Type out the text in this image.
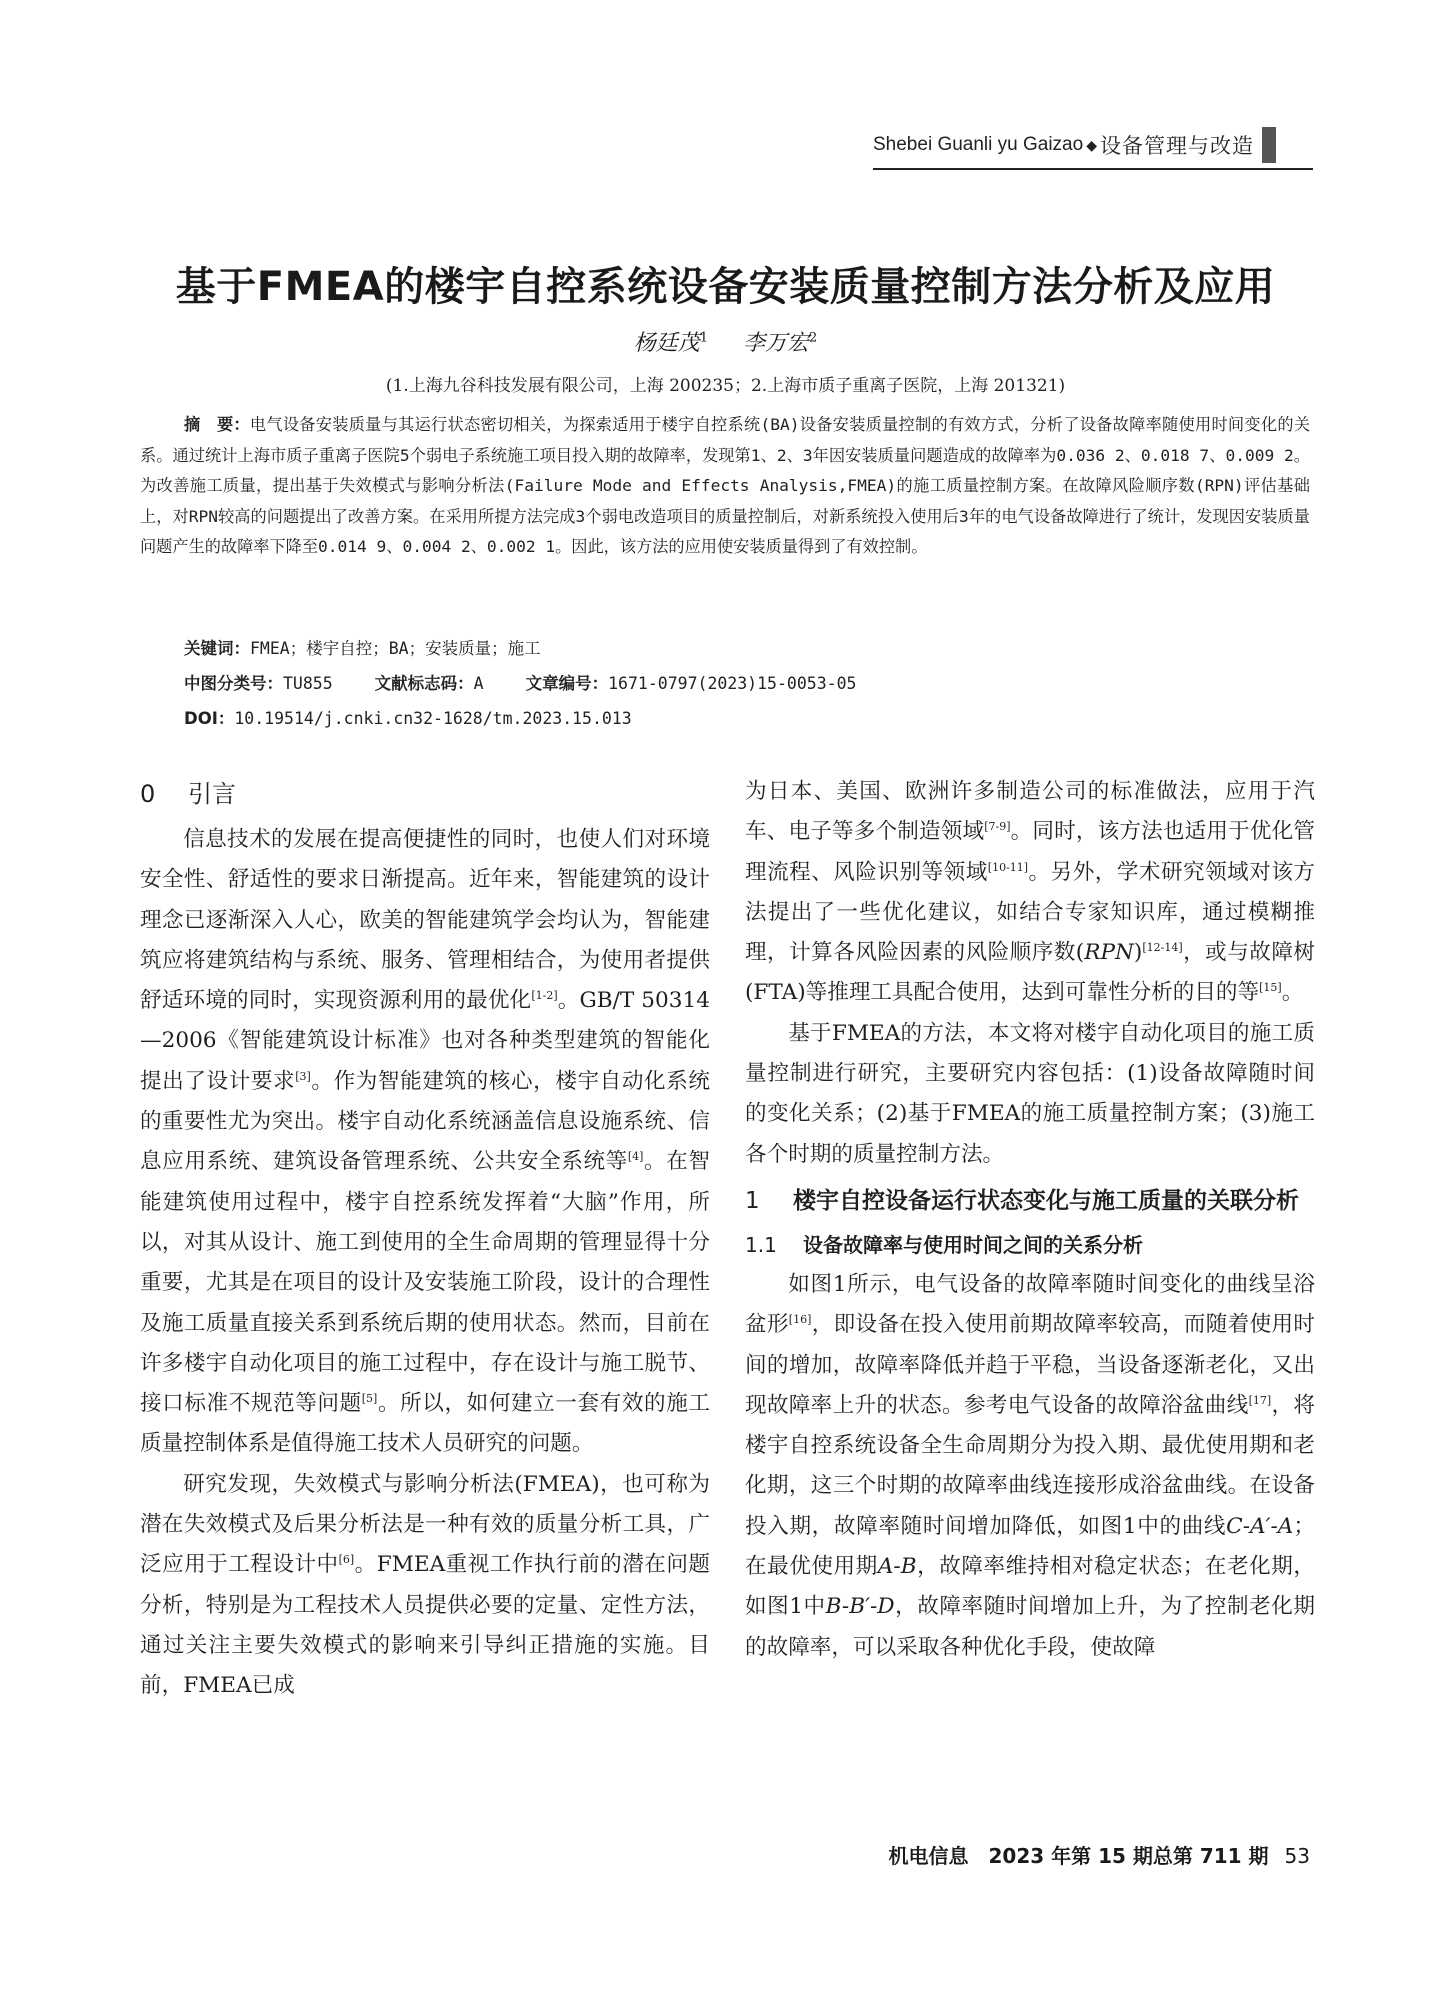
Shebei Guanli yu Gaizao ◆ 设备管理与改造
基于FMEA的楼宇自控系统设备安装质量控制方法分析及应用
杨廷茂$^1$ 李万宏$^2$
(1.上海九谷科技发展有限公司，上海 200235；2.上海市质子重离子医院，上海 201321)
摘　要：电气设备安装质量与其运行状态密切相关，为探索适用于楼宇自控系统(BA)设备安装质量控制的有效方式，分析了设备故障率随使用时间变化的关系。通过统计上海市质子重离子医院5个弱电子系统施工项目投入期的故障率，发现第1、2、3年因安装质量问题造成的故障率为0.036 2、0.018 7、0.009 2。为改善施工质量，提出基于失效模式与影响分析法(Failure Mode and Effects Analysis,FMEA)的施工质量控制方案。在故障风险顺序数(RPN)评估基础上，对RPN较高的问题提出了改善方案。在采用所提方法完成3个弱电改造项目的质量控制后，对新系统投入使用后3年的电气设备故障进行了统计，发现因安装质量问题产生的故障率下降至0.014 9、0.004 2、0.002 1。因此，该方法的应用使安装质量得到了有效控制。
关键词：FMEA；楼宇自控；BA；安装质量；施工
中图分类号：TU855	文献标志码：A	文章编号：1671-0797(2023)15-0053-05
DOI：10.19514/j.cnki.cn32-1628/tm.2023.15.013
0 引言

信息技术的发展在提高便捷性的同时，也使人们对环境安全性、舒适性的要求日渐提高。近年来，智能建筑的设计理念已逐渐深入人心，欧美的智能建筑学会均认为，智能建筑应将建筑结构与系统、服务、管理相结合，为使用者提供舒适环境的同时，实现资源利用的最优化[1-2]。GB/T 50314—2006《智能建筑设计标准》也对各种类型建筑的智能化提出了设计要求[3]。作为智能建筑的核心，楼宇自动化系统的重要性尤为突出。楼宇自动化系统涵盖信息设施系统、信息应用系统、建筑设备管理系统、公共安全系统等[4]。在智能建筑使用过程中，楼宇自控系统发挥着“大脑”作用，所以，对其从设计、施工到使用的全生命周期的管理显得十分重要，尤其是在项目的设计及安装施工阶段，设计的合理性及施工质量直接关系到系统后期的使用状态。然而，目前在许多楼宇自动化项目的施工过程中，存在设计与施工脱节、接口标准不规范等问题[5]。所以，如何建立一套有效的施工质量控制体系是值得施工技术人员研究的问题。

研究发现，失效模式与影响分析法(FMEA)，也可称为潜在失效模式及后果分析法是一种有效的质量分析工具，广泛应用于工程设计中[6]。FMEA重视工作执行前的潜在问题分析，特别是为工程技术人员提供必要的定量、定性方法，通过关注主要失效模式的影响来引导纠正措施的实施。目前，FMEA已成

为日本、美国、欧洲许多制造公司的标准做法，应用于汽车、电子等多个制造领域[7-9]。同时，该方法也适用于优化管理流程、风险识别等领域[10-11]。另外，学术研究领域对该方法提出了一些优化建议，如结合专家知识库，通过模糊推理，计算各风险因素的风险顺序数(RPN)[12-14]，或与故障树(FTA)等推理工具配合使用，达到可靠性分析的目的等[15]。

基于FMEA的方法，本文将对楼宇自动化项目的施工质量控制进行研究，主要研究内容包括：(1)设备故障随时间的变化关系；(2)基于FMEA的施工质量控制方案；(3)施工各个时期的质量控制方法。

1 楼宇自控设备运行状态变化与施工质量的关联分析
1.1 设备故障率与使用时间之间的关系分析

如图1所示，电气设备的故障率随时间变化的曲线呈浴盆形[16]，即设备在投入使用前期故障率较高，而随着使用时间的增加，故障率降低并趋于平稳，当设备逐渐老化，又出现故障率上升的状态。参考电气设备的故障浴盆曲线[17]，将楼宇自控系统设备全生命周期分为投入期、最优使用期和老化期，这三个时期的故障率曲线连接形成浴盆曲线。在设备投入期，故障率随时间增加降低，如图1中的曲线C-A′-A；在最优使用期A-B，故障率维持相对稳定状态；在老化期，如图1中B-B′-D，故障率随时间增加上升，为了控制老化期的故障率，可以采取各种优化手段，使故障

机电信息　2023 年第 15 期总第 711 期 53
